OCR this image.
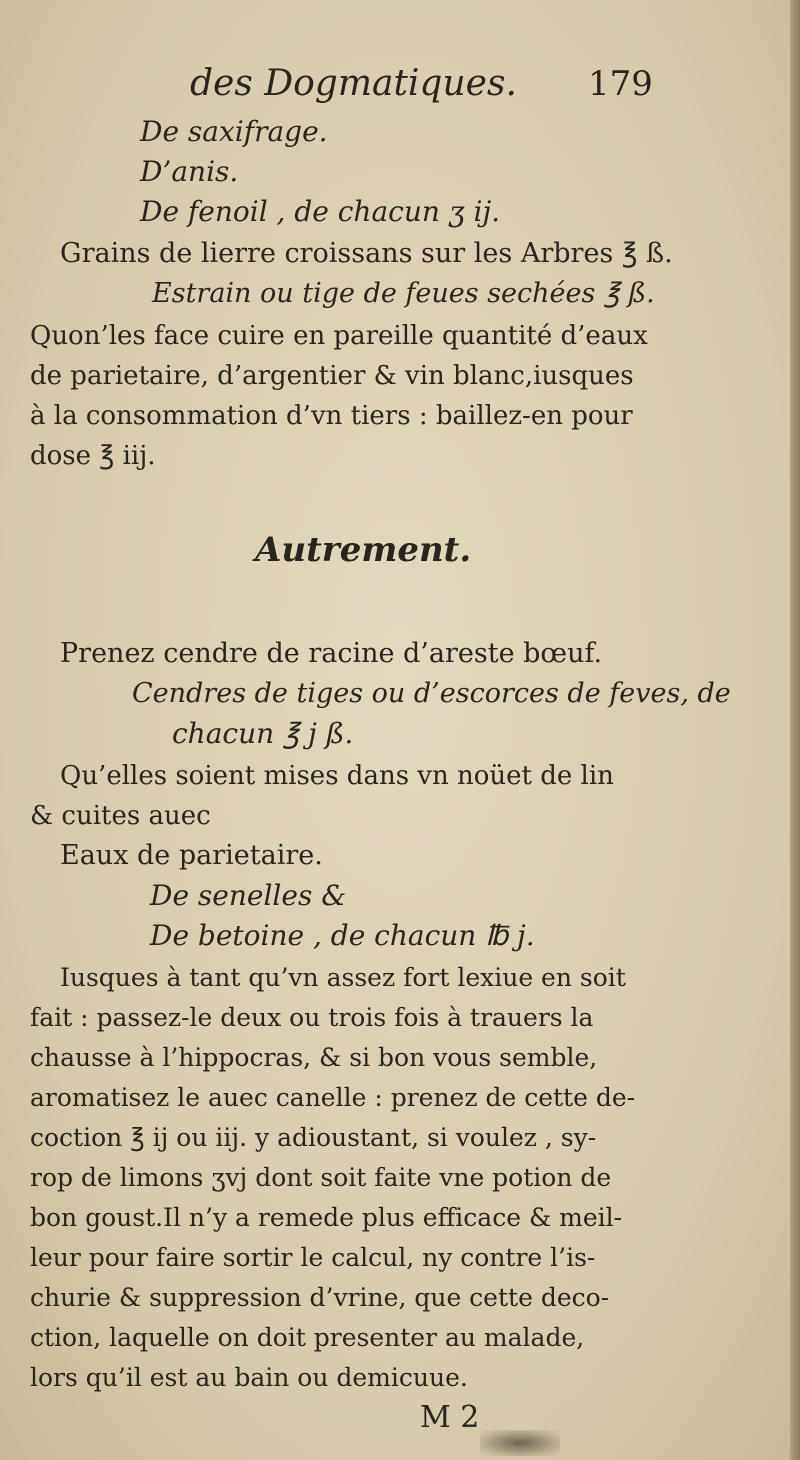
des Dogmatiques. 179
De saxifrage.
D’anis.
De fenoil , de chacun ʒ ij.
Grains de lierre croissans sur les Arbres ℥ ß.
Estrain ou tige de feues sechées ℥ ß.
Quon’les face cuire en pareille quantité d’eaux
de parietaire, d’argentier & vin blanc,iusques
à la consommation d’vn tiers : baillez-en pour
dose ℥ iij.
Autrement.
Prenez cendre de racine d’areste bœuf.
Cendres de tiges ou d’escorces de feves, de
chacun ℥ j ß.
Qu’elles soient mises dans vn noüet de lin
& cuites auec
Eaux de parietaire.
De senelles &
De betoine , de chacun ℔ j.
Iusques à tant qu’vn assez fort lexiue en soit
fait : passez-le deux ou trois fois à trauers la
chausse à l’hippocras, & si bon vous semble,
aromatisez le auec canelle : prenez de cette de-
coction ℥ ij ou iij. y adioustant, si voulez , sy-
rop de limons ʒvj dont soit faite vne potion de
bon goust.Il n’y a remede plus efficace & meil-
leur pour faire sortir le calcul, ny contre l’is-
churie & suppression d’vrine, que cette deco-
ction, laquelle on doit presenter au malade,
lors qu’il est au bain ou demicuue.
M 2
